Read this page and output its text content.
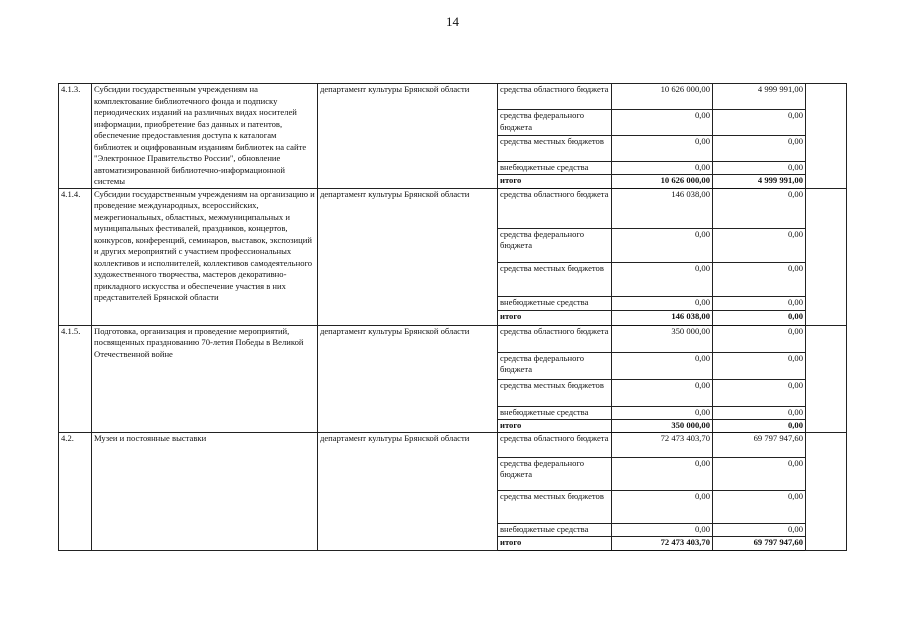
14
4.1.3.	Субсидии государственным учреждениям на комплектование библиотечного фонда и подписку периодических изданий на различных видах носителей информации, приобретение баз данных и патентов, обеспечение предоставления доступа к каталогам библиотек и оцифрованным изданиям библиотек на сайте "Электронное Правительство России", обновление автоматизированной библиотечно-информационной системы	департамент культуры Брянской области	средства областного бюджета	10 626 000,00	4 999 991,00	
			средства федерального бюджета	0,00	0,00	
			средства местных бюджетов	0,00	0,00	
			внебюджетные средства	0,00	0,00	
			итого	10 626 000,00	4 999 991,00	
4.1.4.	Субсидии государственным учреждениям на организацию и проведение международных, всероссийских, межрегиональных, областных, межмуниципальных и муниципальных фестивалей, праздников, концертов, конкурсов, конференций, семинаров, выставок, экспозиций и других мероприятий с участием профессиональных коллективов и исполнителей, коллективов самодеятельного художественного творчества, мастеров декоративно-прикладного искусства и обеспечение участия в них представителей Брянской области	департамент культуры Брянской области	средства областного бюджета	146 038,00	0,00	
			средства федерального бюджета	0,00	0,00	
			средства местных бюджетов	0,00	0,00	
			внебюджетные средства	0,00	0,00	
			итого	146 038,00	0,00	
4.1.5.	Подготовка, организация и проведение мероприятий, посвященных празднованию 70-летия Победы в Великой Отечественной войне	департамент культуры Брянской области	средства областного бюджета	350 000,00	0,00	
			средства федерального бюджета	0,00	0,00	
			средства местных бюджетов	0,00	0,00	
			внебюджетные средства	0,00	0,00	
			итого	350 000,00	0,00	
4.2.	Музеи и постоянные выставки	департамент культуры Брянской области	средства областного бюджета	72 473 403,70	69 797 947,60	
			средства федерального бюджета	0,00	0,00	
			средства местных бюджетов	0,00	0,00	
			внебюджетные средства	0,00	0,00	
			итого	72 473 403,70	69 797 947,60	
